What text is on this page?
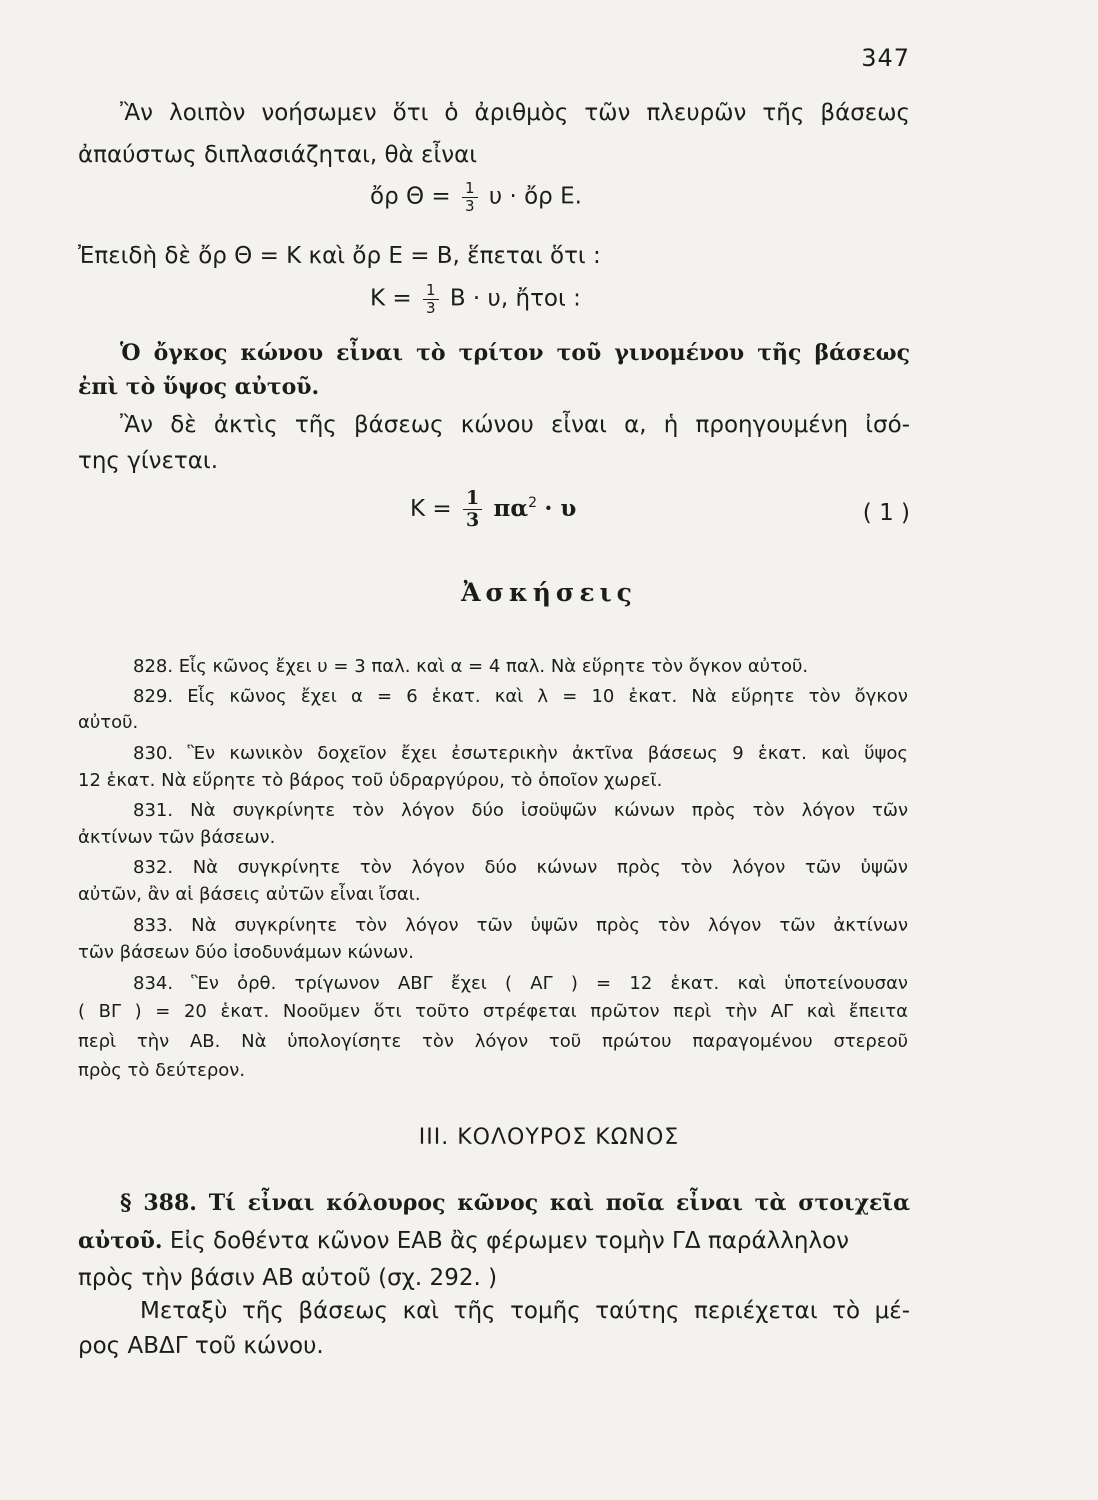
347
Ἂν λοιπὸν νοήσωμεν ὅτι ὁ ἀριθμὸς τῶν πλευρῶν τῆς βάσεως
ἀπαύστως διπλασιάζηται, θὰ εἶναι
ὄρ $\Theta = \frac{1}{3}$ υ · ὄρ Ε.
Ἐπειδὴ δὲ ὄρ Θ = Κ καὶ ὄρ Ε = Β, ἕπεται ὅτι :
$K = \frac{1}{3}$ Β · υ, ἤτοι :
Ὁ ὄγκος κώνου εἶναι τὸ τρίτον τοῦ γινομένου τῆς βάσεως
ἐπὶ τὸ ὕψος αὐτοῦ.
Ἂν δὲ ἀκτὶς τῆς βάσεως κώνου εἶναι α, ἡ προηγουμένη ἰσό-
της γίνεται.
$K = \frac{1}{3} \pi\alpha^2 \cdot \upsilon$	( 1 )
Ἀσκήσεις
828. Εἷς κῶνος ἔχει υ = 3 παλ. καὶ α = 4 παλ. Νὰ εὕρητε τὸν ὄγκον αὐτοῦ.
829. Εἷς κῶνος ἔχει α = 6 ἑκατ. καὶ λ = 10 ἑκατ. Νὰ εὕρητε τὸν ὄγκον
αὐτοῦ.
830. Ἓν κωνικὸν δοχεῖον ἔχει ἐσωτερικὴν ἀκτῖνα βάσεως 9 ἑκατ. καὶ ὕψος
12 ἑκατ. Νὰ εὕρητε τὸ βάρος τοῦ ὑδραργύρου, τὸ ὁποῖον χωρεῖ.
831. Νὰ συγκρίνητε τὸν λόγον δύο ἰσοϋψῶν κώνων πρὸς τὸν λόγον τῶν
ἀκτίνων τῶν βάσεων.
832. Νὰ συγκρίνητε τὸν λόγον δύο κώνων πρὸς τὸν λόγον τῶν ὑψῶν
αὐτῶν, ἂν αἱ βάσεις αὐτῶν εἶναι ἴσαι.
833. Νὰ συγκρίνητε τὸν λόγον τῶν ὑψῶν πρὸς τὸν λόγον τῶν ἀκτίνων
τῶν βάσεων δύο ἰσοδυνάμων κώνων.
834. Ἓν ὀρθ. τρίγωνον ΑΒΓ ἔχει ( ΑΓ ) = 12 ἑκατ. καὶ ὑποτείνουσαν
( ΒΓ ) = 20 ἑκατ. Νοοῦμεν ὅτι τοῦτο στρέφεται πρῶτον περὶ τὴν ΑΓ καὶ ἔπειτα
περὶ τὴν ΑΒ. Νὰ ὑπολογίσητε τὸν λόγον τοῦ πρώτου παραγομένου στερεοῦ
πρὸς τὸ δεύτερον.
ΙΙΙ. ΚΟΛΟΥΡΟΣ ΚΩΝΟΣ
§ 388. Τί εἶναι κόλουρος κῶνος καὶ ποῖα εἶναι τὰ στοιχεῖα
αὐτοῦ. Εἰς δοθέντα κῶνον ΕΑΒ ἂς φέρωμεν τομὴν ΓΔ παράλληλον
πρὸς τὴν βάσιν ΑΒ αὐτοῦ (σχ. 292. )
Μεταξὺ τῆς βάσεως καὶ τῆς τομῆς ταύτης περιέχεται τὸ μέ-
ρος ΑΒΔΓ τοῦ κώνου.
